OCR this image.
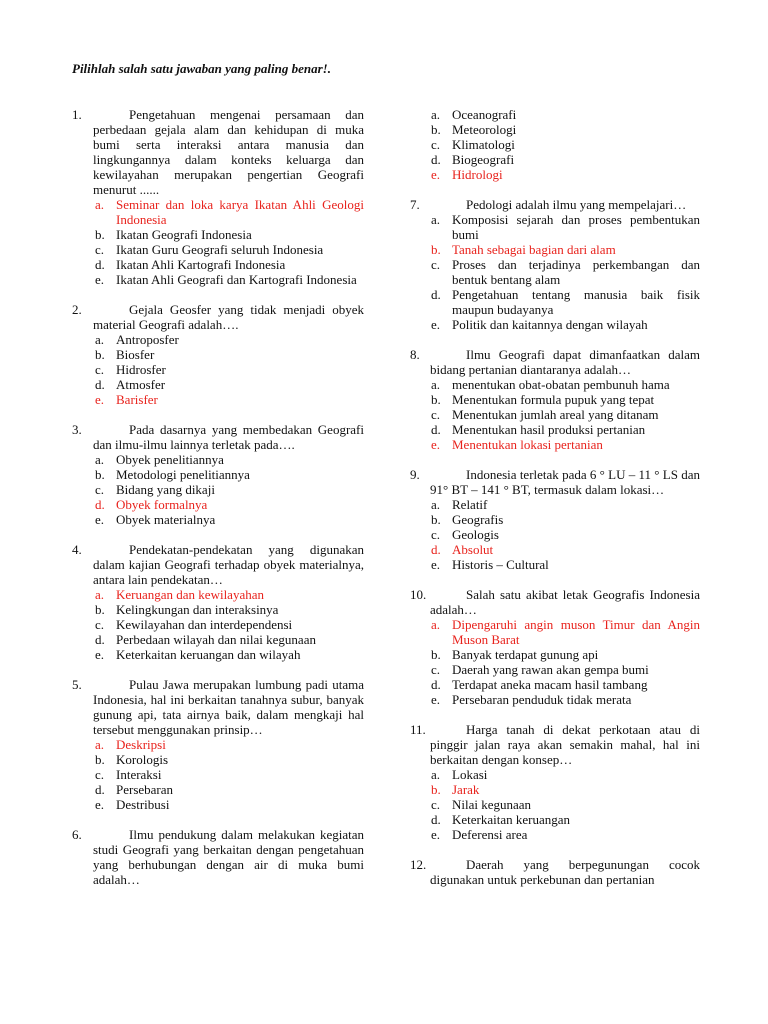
Pilihlah salah satu jawaban yang paling benar!.
1.	Pengetahuan mengenai persamaan dan perbedaan gejala alam dan kehidupan di muka bumi serta interaksi antara manusia dan lingkungannya dalam konteks keluarga dan kewilayahan merupakan pengertian Geografi menurut ......
a. Seminar dan loka karya Ikatan Ahli Geologi Indonesia
b. Ikatan Geografi Indonesia
c. Ikatan Guru Geografi seluruh Indonesia
d. Ikatan Ahli Kartografi Indonesia
e. Ikatan Ahli Geografi dan Kartografi Indonesia
2.	Gejala Geosfer yang tidak menjadi obyek material Geografi adalah….
a. Antroposfer
b. Biosfer
c. Hidrosfer
d. Atmosfer
e. Barisfer
3.	Pada dasarnya yang membedakan Geografi dan ilmu-ilmu lainnya terletak pada….
a. Obyek penelitiannya
b. Metodologi penelitiannya
c. Bidang yang dikaji
d. Obyek formalnya
e. Obyek materialnya
4.	Pendekatan-pendekatan yang digunakan dalam kajian Geografi terhadap obyek materialnya, antara lain pendekatan…
a. Keruangan dan kewilayahan
b. Kelingkungan dan interaksinya
c. Kewilayahan dan interdependensi
d. Perbedaan wilayah dan nilai kegunaan
e. Keterkaitan keruangan dan wilayah
5.	Pulau Jawa merupakan lumbung padi utama Indonesia, hal ini berkaitan tanahnya subur, banyak gunung api, tata airnya baik, dalam mengkaji hal tersebut menggunakan prinsip…
a. Deskripsi
b. Korologis
c. Interaksi
d. Persebaran
e. Destribusi
6.	Ilmu pendukung dalam melakukan kegiatan studi Geografi yang berkaitan dengan pengetahuan yang berhubungan dengan air di muka bumi adalah…
a. Oceanografi
b. Meteorologi
c. Klimatologi
d. Biogeografi
e. Hidrologi
7.	Pedologi adalah ilmu yang mempelajari…
a. Komposisi sejarah dan proses pembentukan bumi
b. Tanah sebagai bagian dari alam
c. Proses dan terjadinya perkembangan dan bentuk bentang alam
d. Pengetahuan tentang manusia baik fisik maupun budayanya
e. Politik dan kaitannya dengan wilayah
8.	Ilmu Geografi dapat dimanfaatkan dalam bidang pertanian diantaranya adalah…
a. menentukan obat-obatan pembunuh hama
b. Menentukan formula pupuk yang tepat
c. Menentukan jumlah areal yang ditanam
d. Menentukan hasil produksi pertanian
e. Menentukan lokasi pertanian
9.	Indonesia terletak pada 6 ° LU – 11 ° LS dan 91° BT – 141 ° BT, termasuk dalam lokasi…
a. Relatif
b. Geografis
c. Geologis
d. Absolut
e. Historis – Cultural
10.	Salah satu akibat letak Geografis Indonesia adalah…
a. Dipengaruhi angin muson Timur dan Angin Muson Barat
b. Banyak terdapat gunung api
c. Daerah yang rawan akan gempa bumi
d. Terdapat aneka macam hasil tambang
e. Persebaran penduduk tidak merata
11.	Harga tanah di dekat perkotaan atau di pinggir jalan raya akan semakin mahal, hal ini berkaitan dengan konsep…
a. Lokasi
b. Jarak
c. Nilai kegunaan
d. Keterkaitan keruangan
e. Deferensi area
12.	Daerah yang berpegunungan cocok digunakan untuk perkebunan dan pertanian
